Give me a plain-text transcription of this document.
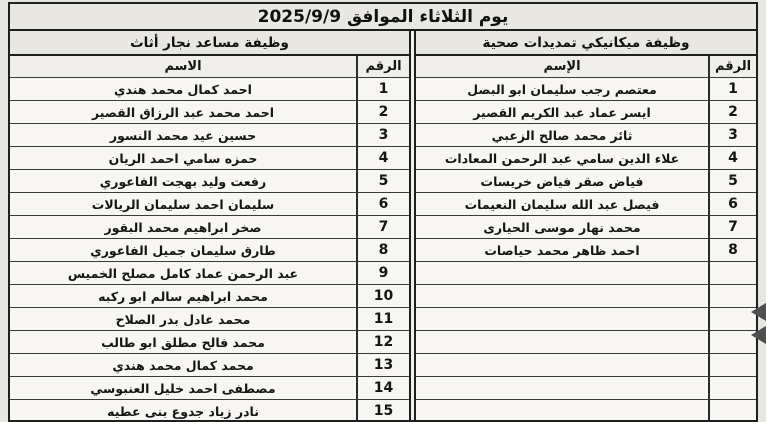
يوم الثلاثاء الموافق 2025/9/9
وظيفة مساعد نجار أثاث
الاسم	الرقم
احمد كمال محمد هندي	1
احمد محمد عبد الرزاق القصير	2
حسين عيد محمد النسور	3
حمزه سامي احمد الريان	4
رفعت وليد بهجت الفاعوري	5
سليمان احمد سليمان الريالات	6
صخر ابراهيم محمد البقور	7
طارق سليمان جميل الفاعوري	8
عبد الرحمن عماد كامل مصلح الخميس	9
محمد ابراهيم سالم ابو ركبه	10
محمد عادل بدر الصلاح	11
محمد فالح مطلق ابو طالب	12
محمد كمال محمد هندي	13
مصطفى احمد خليل العنبوسي	14
نادر زياد جدوع بنى عطيه	15
وظيفة ميكانيكي تمديدات صحية
الإسم	الرقم
معتصم رجب سليمان ابو البصل	1
ايسر عماد عبد الكريم القصير	2
ثائر محمد صالح الزعبي	3
علاء الدين سامي عبد الرحمن المعادات	4
فياض صقر فياض خريسات	5
فيصل عبد الله سليمان النعيمات	6
محمد نهار موسى الحيارى	7
احمد ظاهر محمد حياصات	8
